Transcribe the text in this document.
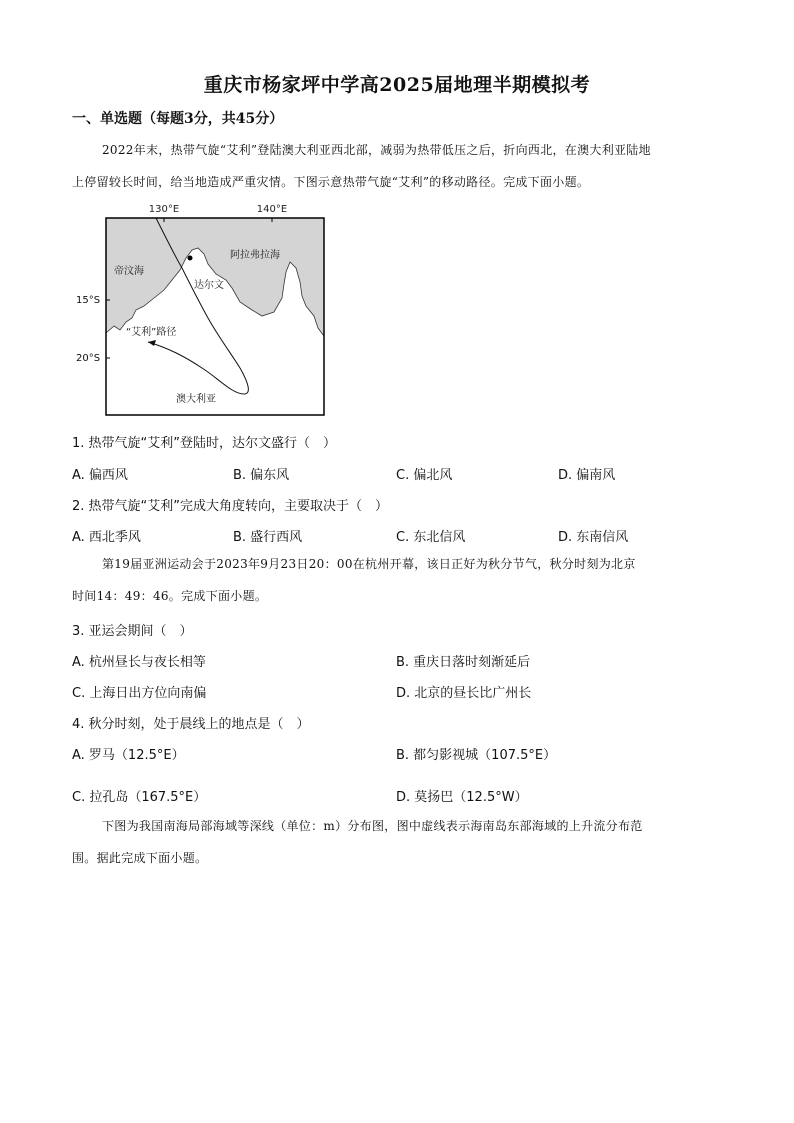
重庆市杨家坪中学高2025届地理半期模拟考
一、单选题（每题3分，共45分）
2022年末，热带气旋“艾利”登陆澳大利亚西北部，减弱为热带低压之后，折向西北，在澳大利亚陆地
上停留较长时间，给当地造成严重灾情。下图示意热带气旋“艾利”的移动路径。完成下面小题。
130°E	140°E
阿拉弗拉海
帝汶海
达尔文
“艾利”路径
澳大利亚
15°S
20°S
1. 热带气旋“艾利”登陆时，达尔文盛行（　）
A. 偏西风	B. 偏东风	C. 偏北风	D. 偏南风
2. 热带气旋“艾利”完成大角度转向，主要取决于（　）
A. 西北季风	B. 盛行西风	C. 东北信风	D. 东南信风
第19届亚洲运动会于2023年9月23日20：00在杭州开幕，该日正好为秋分节气，秋分时刻为北京
时间14：49：46。完成下面小题。
3. 亚运会期间（　）
A. 杭州昼长与夜长相等	B. 重庆日落时刻渐延后
C. 上海日出方位向南偏	D. 北京的昼长比广州长
4. 秋分时刻，处于晨线上的地点是（　）
A. 罗马（12.5°E）	B. 都匀影视城（107.5°E）
C. 拉孔岛（167.5°E）	D. 莫扬巴（12.5°W）
下图为我国南海局部海域等深线（单位：m）分布图，图中虚线表示海南岛东部海域的上升流分布范
围。据此完成下面小题。
